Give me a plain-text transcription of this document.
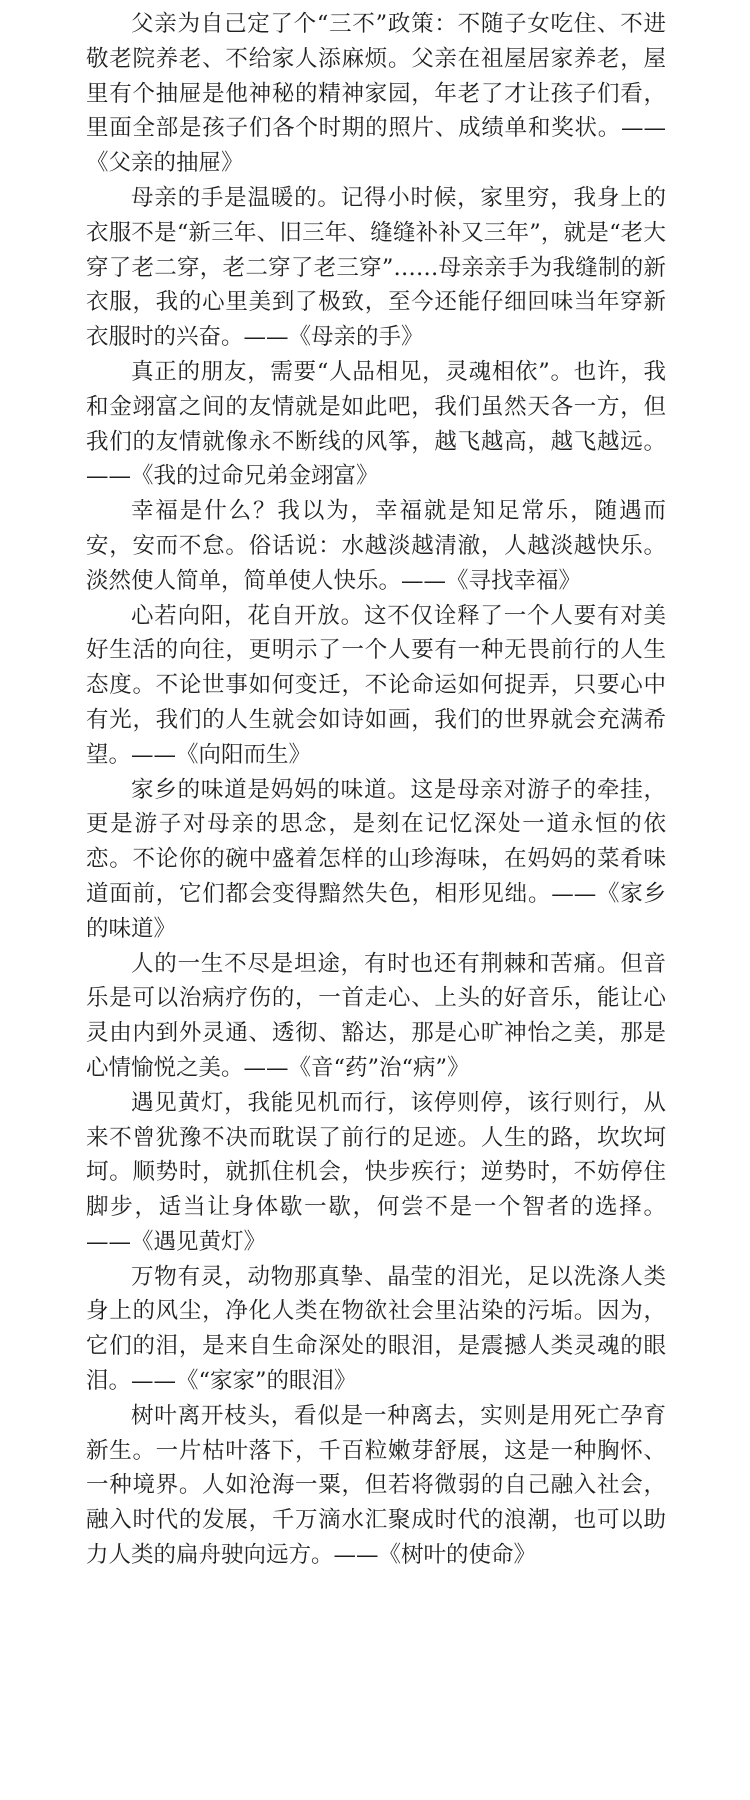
父亲为自己定了个“三不”政策：不随子女吃住、不进敬老院养老、不给家人添麻烦。父亲在祖屋居家养老，屋里有个抽屉是他神秘的精神家园，年老了才让孩子们看，里面全部是孩子们各个时期的照片、成绩单和奖状。——《父亲的抽屉》

母亲的手是温暖的。记得小时候，家里穷，我身上的衣服不是“新三年、旧三年、缝缝补补又三年”，就是“老大穿了老二穿，老二穿了老三穿”……母亲亲手为我缝制的新衣服，我的心里美到了极致，至今还能仔细回味当年穿新衣服时的兴奋。——《母亲的手》

真正的朋友，需要“人品相见，灵魂相依”。也许，我和金翊富之间的友情就是如此吧，我们虽然天各一方，但我们的友情就像永不断线的风筝，越飞越高，越飞越远。——《我的过命兄弟金翊富》

幸福是什么？我以为，幸福就是知足常乐，随遇而安，安而不怠。俗话说：水越淡越清澈，人越淡越快乐。淡然使人简单，简单使人快乐。——《寻找幸福》

心若向阳，花自开放。这不仅诠释了一个人要有对美好生活的向往，更明示了一个人要有一种无畏前行的人生态度。不论世事如何变迁，不论命运如何捉弄，只要心中有光，我们的人生就会如诗如画，我们的世界就会充满希望。——《向阳而生》

家乡的味道是妈妈的味道。这是母亲对游子的牵挂，更是游子对母亲的思念，是刻在记忆深处一道永恒的依恋。不论你的碗中盛着怎样的山珍海味，在妈妈的菜肴味道面前，它们都会变得黯然失色，相形见绌。——《家乡的味道》

人的一生不尽是坦途，有时也还有荆棘和苦痛。但音乐是可以治病疗伤的，一首走心、上头的好音乐，能让心灵由内到外灵通、透彻、豁达，那是心旷神怡之美，那是心情愉悦之美。——《音“药”治“病”》

遇见黄灯，我能见机而行，该停则停，该行则行，从来不曾犹豫不决而耽误了前行的足迹。人生的路，坎坎坷坷。顺势时，就抓住机会，快步疾行；逆势时，不妨停住脚步，适当让身体歇一歇，何尝不是一个智者的选择。——《遇见黄灯》

万物有灵，动物那真挚、晶莹的泪光，足以洗涤人类身上的风尘，净化人类在物欲社会里沾染的污垢。因为，它们的泪，是来自生命深处的眼泪，是震撼人类灵魂的眼泪。——《“家家”的眼泪》

树叶离开枝头，看似是一种离去，实则是用死亡孕育新生。一片枯叶落下，千百粒嫩芽舒展，这是一种胸怀、一种境界。人如沧海一粟，但若将微弱的自己融入社会，融入时代的发展，千万滴水汇聚成时代的浪潮，也可以助力人类的扁舟驶向远方。——《树叶的使命》
